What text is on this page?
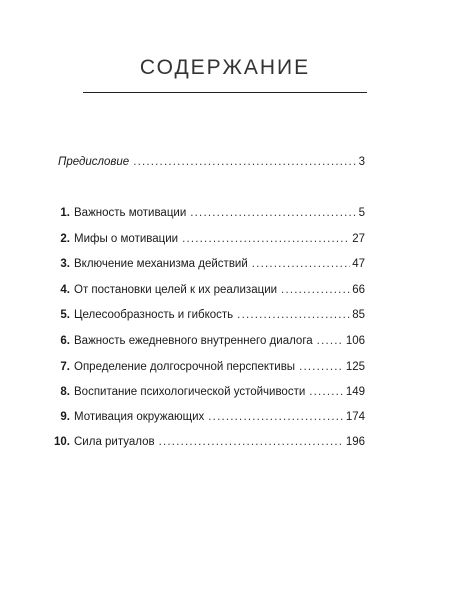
СОДЕРЖАНИЕ
Предисловие .....	3
1. Важность мотивации .....	5
2. Мифы о мотивации .....	27
3. Включение механизма действий .....	47
4. От постановки целей к их реализации .....	66
5. Целесообразность и гибкость .....	85
6. Важность ежедневного внутреннего диалога .....	106
7. Определение долгосрочной перспективы .....	125
8. Воспитание психологической устойчивости .....	149
9. Мотивация окружающих .....	174
10. Сила ритуалов .....	196
